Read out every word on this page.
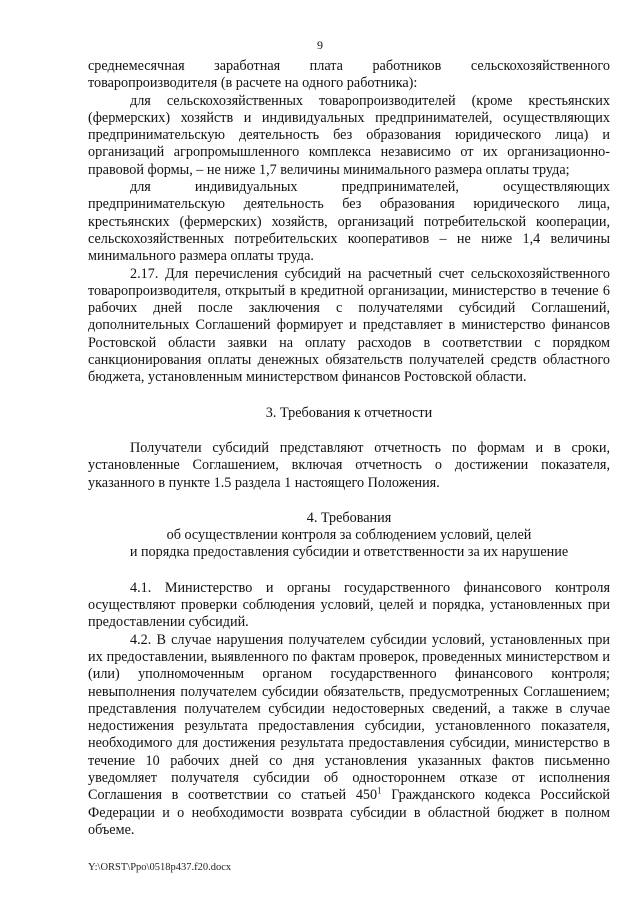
9

среднемесячная заработная плата работников сельскохозяйственного товаропроизводителя (в расчете на одного работника):

для сельскохозяйственных товаропроизводителей (кроме крестьянских (фермерских) хозяйств и индивидуальных предпринимателей, осуществляющих предпринимательскую деятельность без образования юридического лица) и организаций агропромышленного комплекса независимо от их организационно-правовой формы, – не ниже 1,7 величины минимального размера оплаты труда;

для индивидуальных предпринимателей, осуществляющих предпринимательскую деятельность без образования юридического лица, крестьянских (фермерских) хозяйств, организаций потребительской кооперации, сельскохозяйственных потребительских кооперативов – не ниже 1,4 величины минимального размера оплаты труда.

2.17. Для перечисления субсидий на расчетный счет сельскохозяйственного товаропроизводителя, открытый в кредитной организации, министерство в течение 6 рабочих дней после заключения с получателями субсидий Соглашений, дополнительных Соглашений формирует и представляет в министерство финансов Ростовской области заявки на оплату расходов в соответствии с порядком санкционирования оплаты денежных обязательств получателей средств областного бюджета, установленным министерством финансов Ростовской области.

3. Требования к отчетности

Получатели субсидий представляют отчетность по формам и в сроки, установленные Соглашением, включая отчетность о достижении показателя, указанного в пункте 1.5 раздела 1 настоящего Положения.

4. Требования

об осуществлении контроля за соблюдением условий, целей

и порядка предоставления субсидии и ответственности за их нарушение

4.1. Министерство и органы государственного финансового контроля осуществляют проверки соблюдения условий, целей и порядка, установленных при предоставлении субсидий.

4.2. В случае нарушения получателем субсидии условий, установленных при их предоставлении, выявленного по фактам проверок, проведенных министерством и (или) уполномоченным органом государственного финансового контроля; невыполнения получателем субсидии обязательств, предусмотренных Соглашением; представления получателем субсидии недостоверных сведений, а также в случае недостижения результата предоставления субсидии, установленного показателя, необходимого для достижения результата предоставления субсидии, министерство в течение 10 рабочих дней со дня установления указанных фактов письменно уведомляет получателя субсидии об одностороннем отказе от исполнения Соглашения в соответствии со статьей $450^1$ Гражданского кодекса Российской Федерации и о необходимости возврата субсидии в областной бюджет в полном объеме.

Y:\ORST\Ppo\0518p437.f20.docx
